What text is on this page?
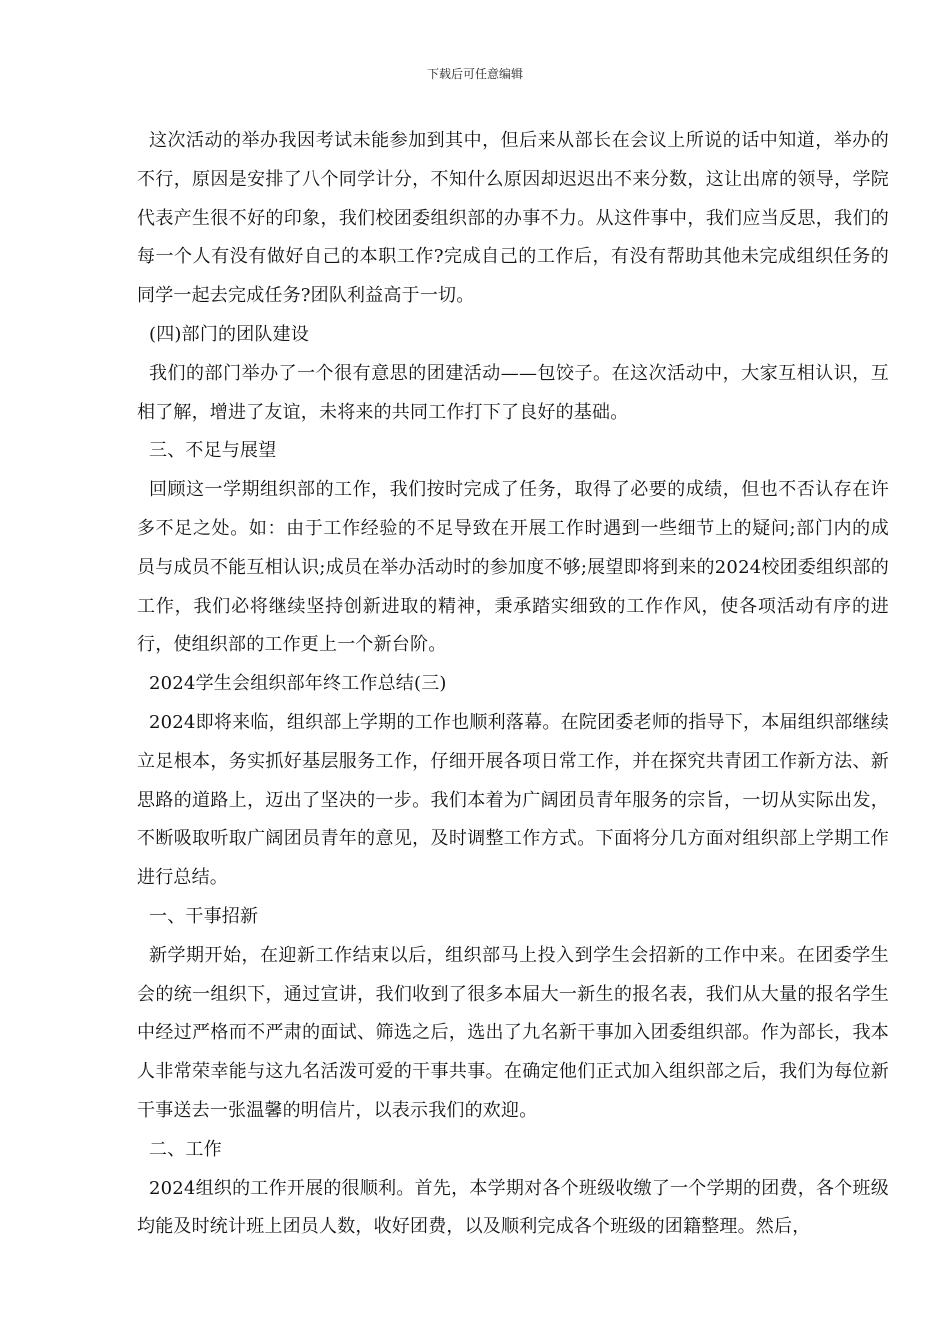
下载后可任意编辑

这次活动的举办我因考试未能参加到其中，但后来从部长在会议上所说的话中知道，举办的不行，原因是安排了八个同学计分，不知什么原因却迟迟出不来分数，这让出席的领导，学院代表产生很不好的印象，我们校团委组织部的办事不力。从这件事中，我们应当反思，我们的每一个人有没有做好自己的本职工作?完成自己的工作后，有没有帮助其他未完成组织任务的同学一起去完成任务?团队利益高于一切。

(四)部门的团队建设

我们的部门举办了一个很有意思的团建活动——包饺子。在这次活动中，大家互相认识，互相了解，增进了友谊，未将来的共同工作打下了良好的基础。

三、不足与展望

回顾这一学期组织部的工作，我们按时完成了任务，取得了必要的成绩，但也不否认存在许多不足之处。如：由于工作经验的不足导致在开展工作时遇到一些细节上的疑问;部门内的成员与成员不能互相认识;成员在举办活动时的参加度不够;展望即将到来的2024校团委组织部的工作，我们必将继续坚持创新进取的精神，秉承踏实细致的工作作风，使各项活动有序的进行，使组织部的工作更上一个新台阶。

2024学生会组织部年终工作总结(三)

2024即将来临，组织部上学期的工作也顺利落幕。在院团委老师的指导下，本届组织部继续立足根本，务实抓好基层服务工作，仔细开展各项日常工作，并在探究共青团工作新方法、新思路的道路上，迈出了坚决的一步。我们本着为广阔团员青年服务的宗旨，一切从实际出发，不断吸取听取广阔团员青年的意见，及时调整工作方式。下面将分几方面对组织部上学期工作进行总结。

一、干事招新

新学期开始，在迎新工作结束以后，组织部马上投入到学生会招新的工作中来。在团委学生会的统一组织下，通过宣讲，我们收到了很多本届大一新生的报名表，我们从大量的报名学生中经过严格而不严肃的面试、筛选之后，选出了九名新干事加入团委组织部。作为部长，我本人非常荣幸能与这九名活泼可爱的干事共事。在确定他们正式加入组织部之后，我们为每位新干事送去一张温馨的明信片，以表示我们的欢迎。

二、工作

2024组织的工作开展的很顺利。首先，本学期对各个班级收缴了一个学期的团费，各个班级均能及时统计班上团员人数，收好团费，以及顺利完成各个班级的团籍整理。然后，
